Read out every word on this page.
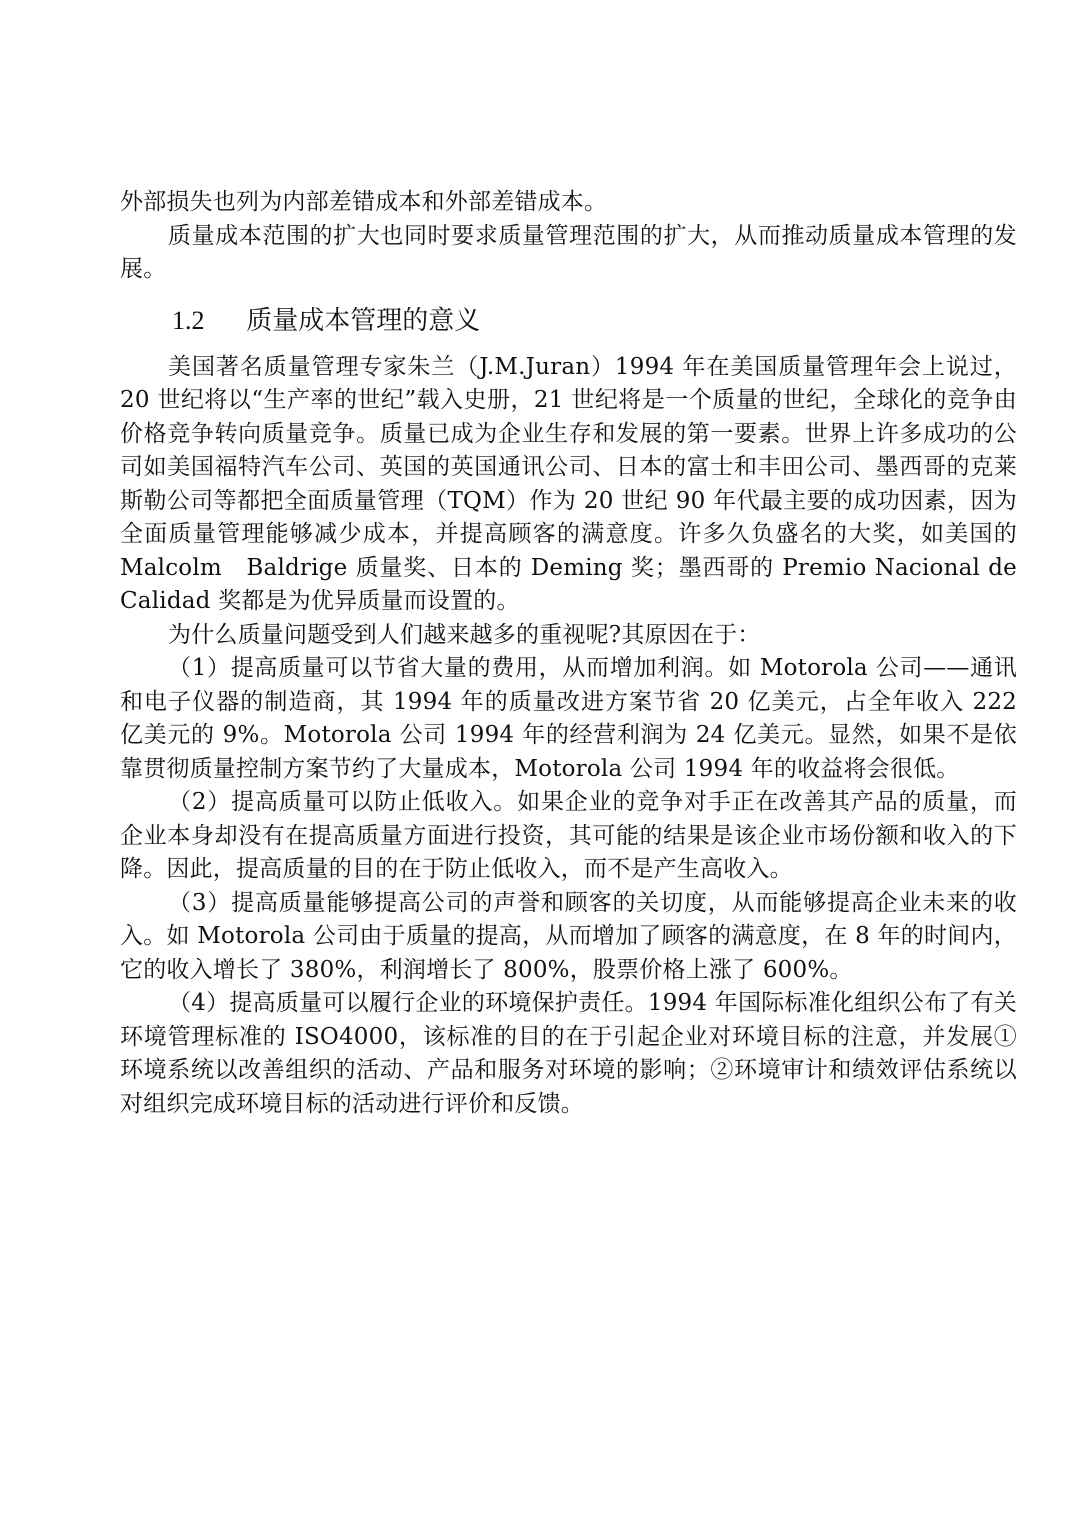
外部损失也列为内部差错成本和外部差错成本。

质量成本范围的扩大也同时要求质量管理范围的扩大，从而推动质量成本管理的发展。

1.2 质量成本管理的意义

美国著名质量管理专家朱兰（J.M.Juran）1994 年在美国质量管理年会上说过，20 世纪将以“生产率的世纪”载入史册，21 世纪将是一个质量的世纪，全球化的竞争由价格竞争转向质量竞争。质量已成为企业生存和发展的第一要素。世界上许多成功的公司如美国福特汽车公司、英国的英国通讯公司、日本的富士和丰田公司、墨西哥的克莱斯勒公司等都把全面质量管理（TQM）作为 20 世纪 90 年代最主要的成功因素，因为全面质量管理能够减少成本，并提高顾客的满意度。许多久负盛名的大奖，如美国的 Malcolm　Baldrige 质量奖、日本的 Deming 奖；墨西哥的 Premio Nacional de Calidad 奖都是为优异质量而设置的。

为什么质量问题受到人们越来越多的重视呢?其原因在于：

（1）提高质量可以节省大量的费用，从而增加利润。如 Motorola 公司——通讯和电子仪器的制造商，其 1994 年的质量改进方案节省 20 亿美元，占全年收入 222 亿美元的 9%。Motorola 公司 1994 年的经营利润为 24 亿美元。显然，如果不是依靠贯彻质量控制方案节约了大量成本，Motorola 公司 1994 年的收益将会很低。

（2）提高质量可以防止低收入。如果企业的竞争对手正在改善其产品的质量，而企业本身却没有在提高质量方面进行投资，其可能的结果是该企业市场份额和收入的下降。因此，提高质量的目的在于防止低收入，而不是产生高收入。

（3）提高质量能够提高公司的声誉和顾客的关切度，从而能够提高企业未来的收入。如 Motorola 公司由于质量的提高，从而增加了顾客的满意度，在 8 年的时间内，它的收入增长了 380%，利润增长了 800%，股票价格上涨了 600%。

（4）提高质量可以履行企业的环境保护责任。1994 年国际标准化组织公布了有关环境管理标准的 ISO4000，该标准的目的在于引起企业对环境目标的注意，并发展①环境系统以改善组织的活动、产品和服务对环境的影响；②环境审计和绩效评估系统以对组织完成环境目标的活动进行评价和反馈。
